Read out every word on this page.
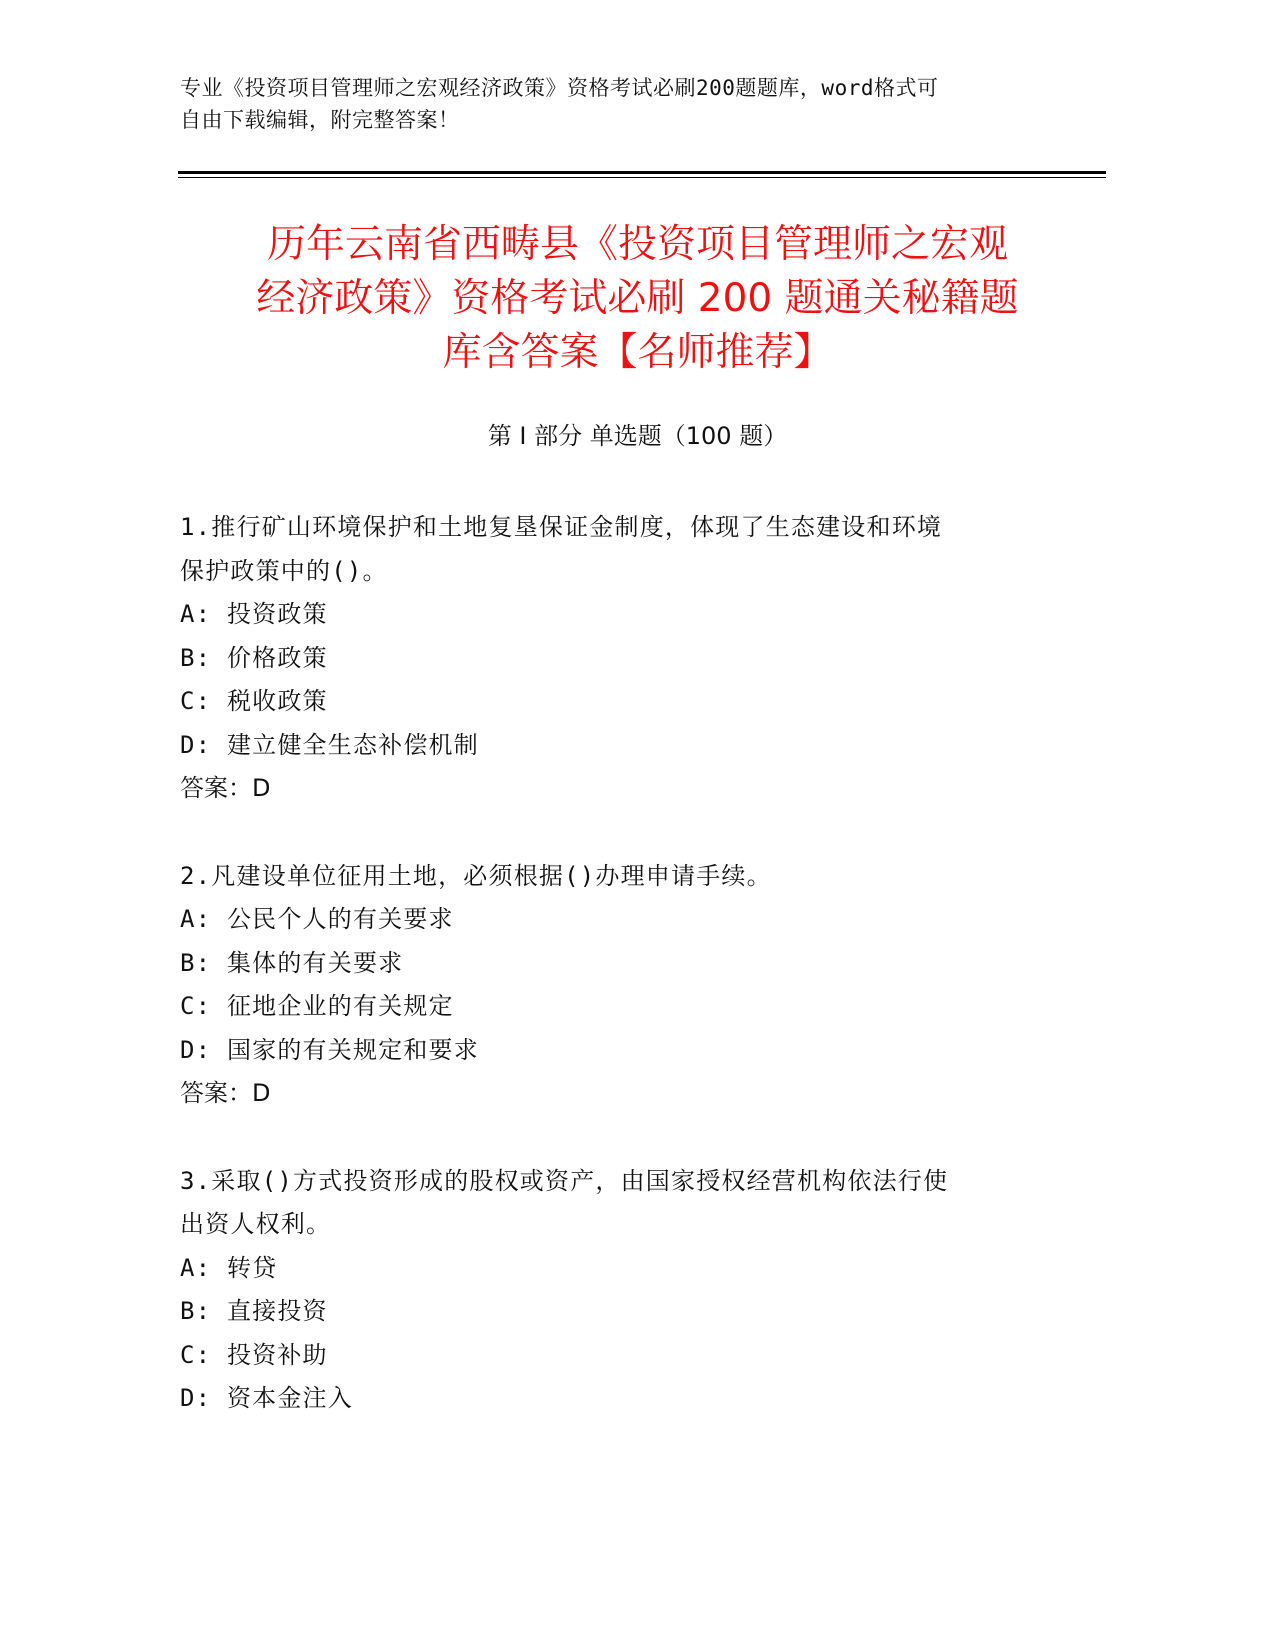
专业《投资项目管理师之宏观经济政策》资格考试必刷200题题库，word格式可
自由下载编辑，附完整答案！
历年云南省西畴县《投资项目管理师之宏观
经济政策》资格考试必刷 200 题通关秘籍题
库含答案【名师推荐】
第 I 部分 单选题（100 题）
1.推行矿山环境保护和土地复垦保证金制度，体现了生态建设和环境
保护政策中的()。
A: 投资政策
B: 价格政策
C: 税收政策
D: 建立健全生态补偿机制
答案：D
2.凡建设单位征用土地，必须根据()办理申请手续。
A: 公民个人的有关要求
B: 集体的有关要求
C: 征地企业的有关规定
D: 国家的有关规定和要求
答案：D
3.采取()方式投资形成的股权或资产，由国家授权经营机构依法行使
出资人权利。
A: 转贷
B: 直接投资
C: 投资补助
D: 资本金注入
